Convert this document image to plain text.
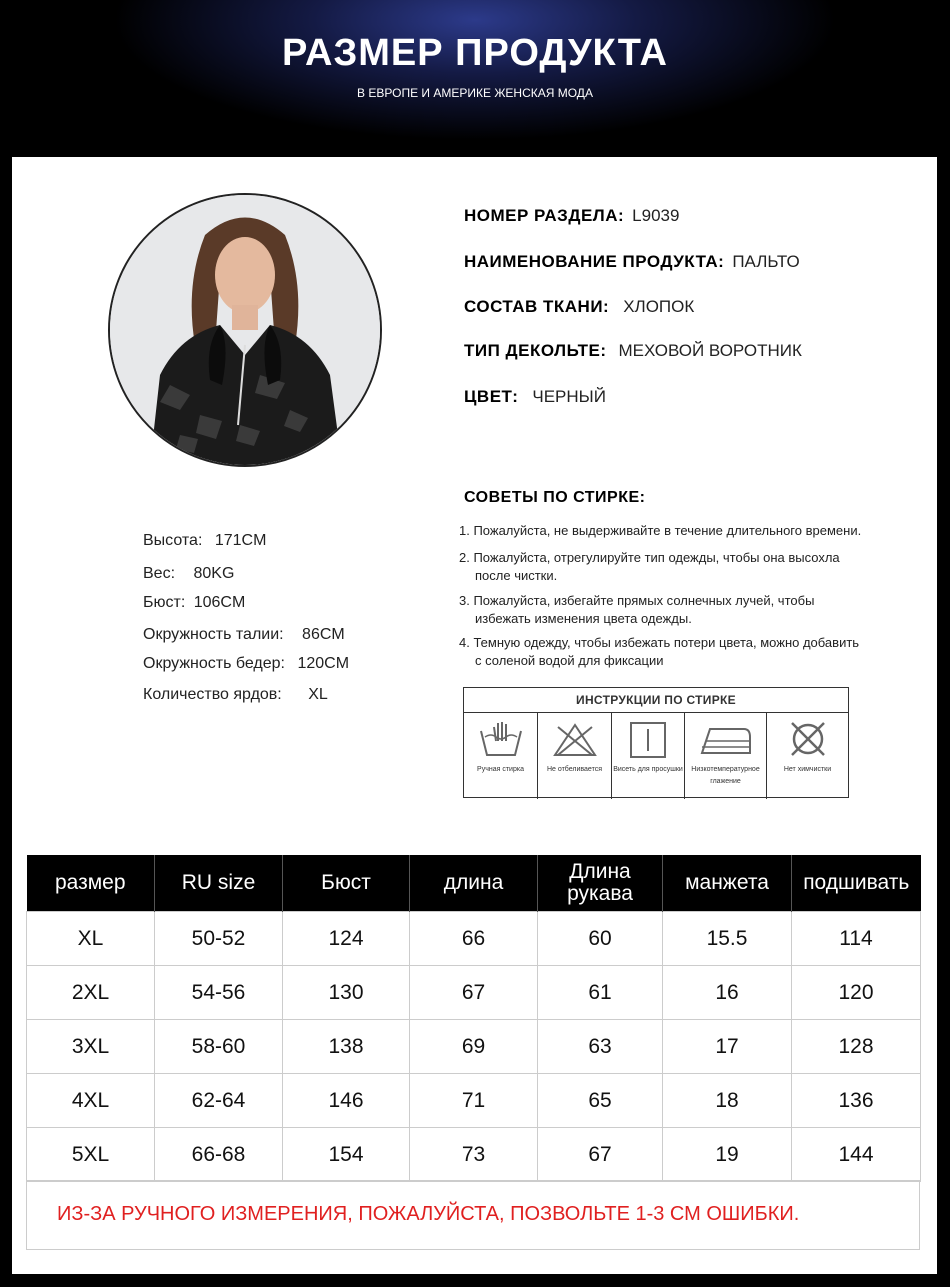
РАЗМЕР ПРОДУКТА
В ЕВРОПЕ И АМЕРИКЕ ЖЕНСКАЯ МОДА
НОМЕР РАЗДЕЛА: L9039
НАИМЕНОВАНИЕ ПРОДУКТА: ПАЛЬТО
СОСТАВ ТКАНИ: ХЛОПОК
ТИП ДЕКОЛЬТЕ: МЕХОВОЙ ВОРОТНИК
ЦВЕТ: ЧЕРНЫЙ
Высота: 171CM
Вес: 80KG
Бюст: 106CM
Окружность талии: 86CM
Окружность бедер: 120CM
Количество ярдов: XL
СОВЕТЫ ПО СТИРКЕ:
1. Пожалуйста, не выдерживайте в течение длительного времени.
2. Пожалуйста, отрегулируйте тип одежды, чтобы она высохла
после чистки.
3. Пожалуйста, избегайте прямых солнечных лучей, чтобы
избежать изменения цвета одежды.
4. Темную одежду, чтобы избежать потери цвета, можно добавить
с соленой водой для фиксации
ИНСТРУКЦИИ ПО СТИРКЕ
Ручная стирка	Не отбеливается	Висеть для просушки	Низкотемпературное глажение
Нет химчистки
размер	RU size	Бюст	длина	Длина рукава	манжета	подшивать
XL	50-52	124	66	60	15.5	114
2XL	54-56	130	67	61	16	120
3XL	58-60	138	69	63	17	128
4XL	62-64	146	71	65	18	136
5XL	66-68	154	73	67	19	144
ИЗ-ЗА РУЧНОГО ИЗМЕРЕНИЯ, ПОЖАЛУЙСТА, ПОЗВОЛЬТЕ 1-3 СМ ОШИБКИ.
